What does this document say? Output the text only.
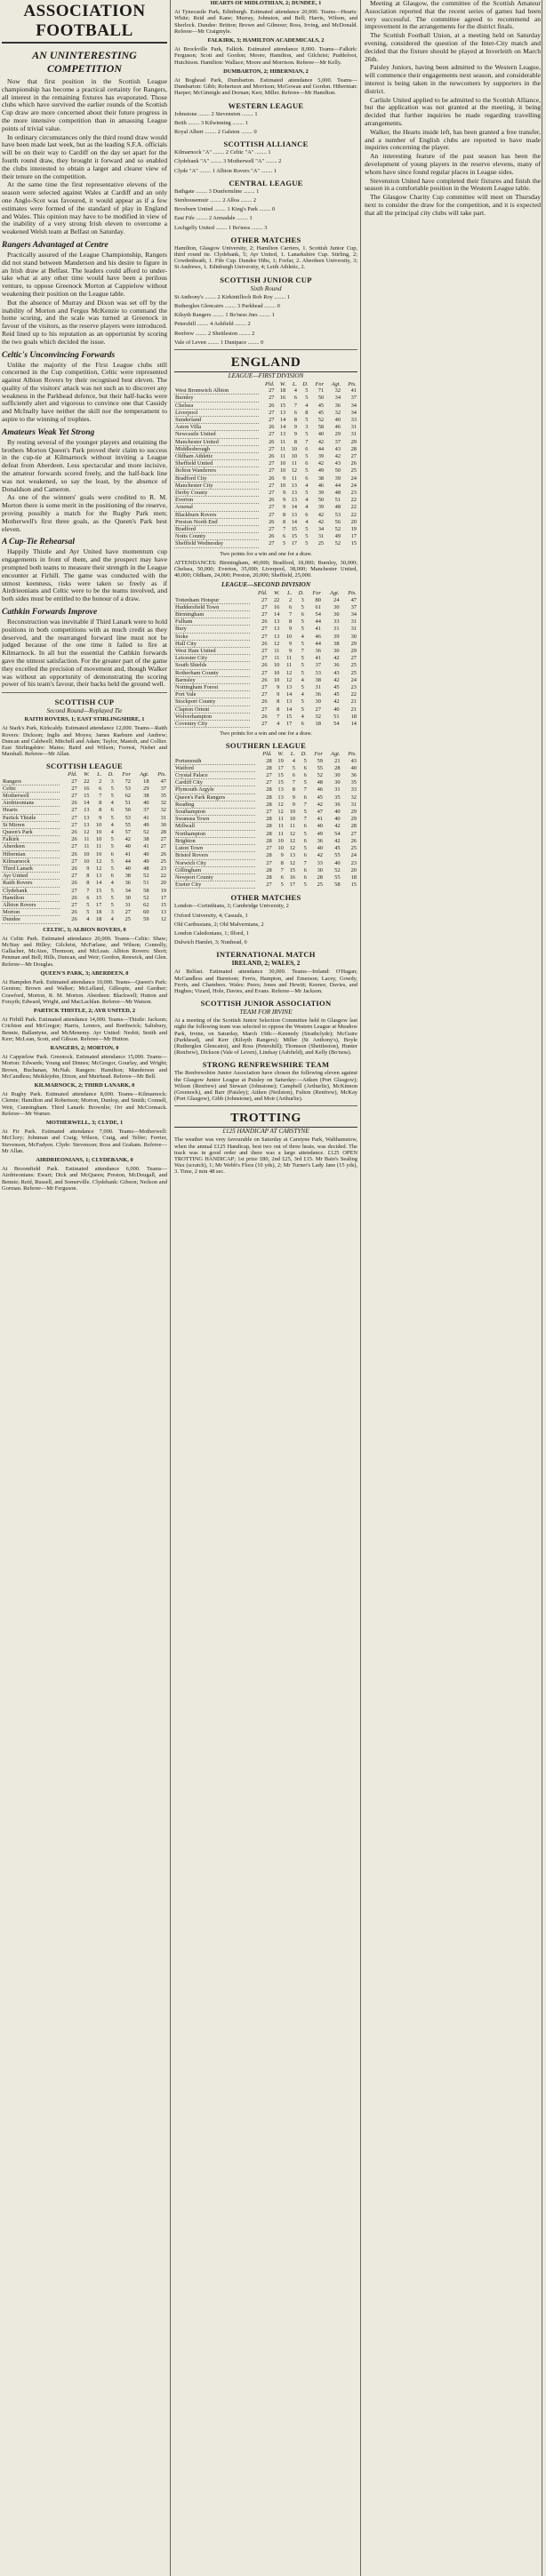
ASSOCIATION FOOTBALL
AN UNINTERESTING COMPETITION

Now that first position in the Scottish League championship has become a practical certainty for Rangers, all interest in the remaining fixtures has evaporated. Those clubs which have survived the earlier rounds of the Scottish Cup draw are more concerned about their future progress in the more intensive competition than in amassing League points of trivial value.

In ordinary circumstances only the third round draw would have been made last week, but as the leading S.F.A. officials will be on their way to Cardiff on the day set apart for the fourth round draw, they brought it forward and so enabled the clubs interested to obtain a larger and clearer view of their tenure on the competition.

At the same time the first representative elevens of the season were selected against Wales at Cardiff and an only one Anglo-Scot was favoured, it would appear as if a few estimates were formed of the standard of play in England and Wales. This opinion may have to be modified in view of the inability of a very strong Irish eleven to overcome a weakened Welsh team at Belfast on Saturday.

Rangers Advantaged at Centre

Practically assured of the League Championship, Rangers did not stand between Manderson and his desire to figure in an Irish draw at Belfast. The leaders could afford to under-take what at any other time would have been a perilous venture, to oppose Greenock Morton at Cappielow without weakening their position on the League table.

But the absence of Murray and Dixon was set off by the inability of Morton and Fergus McKenzie to command the home scoring, and the scale was turned at Greenock in favour of the visitors, as the reserve players were introduced. Reid lined up to his reputation as an opportunist by scoring the two goals which decided the issue.

Celtic's Unconvincing Forwards

Unlike the majority of the First League clubs still concerned in the Cup competition, Celtic were represented against Albion Rovers by their recognised best eleven. The quality of the visitors' attack was not such as to discover any weakness in the Parkhead defence, but their half-backs were sufficiently alert and vigorous to convince one that Cassidy and McInally have neither the skill nor the temperament to aspire to the winning of trophies.

Amateurs Weak Yet Strong

By resting several of the younger players and retaining the brothers Morton Queen's Park proved their claim to success in the cup-tie at Kilmarnock without inviting a League defeat from Aberdeen. Less spectacular and more incisive, the amateur forwards scored freely, and the half-back line was not weakened, so say the least, by the absence of Donaldson and Cameron.

As one of the winners' goals were credited to R. M. Morton there is some merit in the positioning of the reserve, proving possibly a match for the Rugby Park men; Motherwell's first three goals, as the Queen's Park best eleven.

A Cup-Tie Rehearsal

Happily Thistle and Ayr United have momentum cup engagements in front of them, and the prospect may have prompted both teams to measure their strength in the League encounter at Firhill. The game was conducted with the utmost keenness, risks were taken so freely as if Airdrieonians and Celtic were to be the teams involved, and both sides must be entitled to the honour of a draw.

Cathkin Forwards Improve

Reconstruction was inevitable if Third Lanark were to hold positions in both competitions with as much credit as they deserved, and the rearranged forward line must not be judged because of the one time it failed to fire at Kilmarnock. In all but the essential the Cathkin forwards gave the utmost satisfaction. For the greater part of the game they excelled the precision of movement and, though Walker was without an opportunity of demonstrating the scoring power of his team's favour, their backs held the ground well.

SCOTTISH CUP
Second Round—Replayed Tie

RAITH ROVERS, 1; EAST STIRLINGSHIRE, 1

At Stark's Park, Kirkcaldy. Estimated attendance 12,000. Teams—Raith Rovers: Dickson; Inglis and Moyes; James Raeburn and Andrew; Duncan and Caldwell; Mitchell and Adam; Taylor, Mastoh, and Collier. East Stirlingshire: Mains; Baird and Wilson; Forrest, Nisbet and Marshall. Referee—Mr Allan.

SCOTTISH LEAGUE
	Pld.	W.	L.	D.	For	Agt.	Pts.
Rangers	27	22	2	3	72	18	47
Celtic	27	16	6	5	53	29	37
Motherwell	27	15	7	5	62	38	35
Airdrieonians	26	14	8	4	51	40	32
Hearts	27	13	8	6	50	37	32
Partick Thistle	27	13	9	5	53	41	31
St Mirren	27	13	10	4	55	49	30
Queen's Park	26	12	10	4	57	52	28
Falkirk	26	11	10	5	42	38	27
Aberdeen	27	11	11	5	40	41	27
Hibernian	26	10	10	6	41	40	26
Kilmarnock	27	10	12	5	44	49	25
Third Lanark	26	9	12	5	40	48	23
Ayr United	27	8	13	6	38	52	22
Raith Rovers	26	8	14	4	36	51	20
Clydebank	27	7	15	5	34	58	19
Hamilton	26	6	15	5	30	52	17
Albion Rovers	27	5	17	5	31	62	15
Morton	26	5	18	3	27	60	13
Dundee	26	4	18	4	25	59	12

CELTIC, 3; ALBION ROVERS, 0

At Celtic Park. Estimated attendance 20,000. Teams—Celtic: Shaw; McStay and Hilley; Gilchrist, McFarlane, and Wilson; Connolly, Gallacher, McAtee, Thomson, and McLean. Albion Rovers: Short; Penman and Bell; Hills, Duncan, and Weir; Gordon, Renwick, and Glen. Referee—Mr Douglas.

QUEEN'S PARK, 3; ABERDEEN, 0

At Hampden Park. Estimated attendance 10,000. Teams—Queen's Park: Gerston; Brown and Walker; McLelland, Gillespie, and Gardner; Crawford, Morton, R. M. Morton. Aberdeen: Blackwell; Hutton and Forsyth; Edward, Wright, and MacLachlan. Referee—Mr Watson.

PARTICK THISTLE, 2; AYR UNITED, 2

At Firhill Park. Estimated attendance 14,000. Teams—Thistle: Jackson; Crichton and McGregor; Harris, Lennox, and Borthwick; Salisbury, Bennie, Ballantyne, and McMenemy. Ayr United: Nesbit; Smith and Kerr; McLean, Scott, and Gibson. Referee—Mr Hutton.

RANGERS, 2; MORTON, 0

At Cappielow Park. Greenock. Estimated attendance 15,000. Teams—Morton: Edwards; Young and Dinnes; McGregor, Gourlay, and Wright; Brown, Buchanan, McNab. Rangers: Hamilton; Manderson and McCandless; Meiklejohn, Dixon, and Muirhead. Referee—Mr Bell.

KILMARNOCK, 2; THIRD LANARK, 0

At Rugby Park. Estimated attendance 8,000. Teams—Kilmarnock: Clemie; Hamilton and Robertson; Morton, Dunlop, and Smith; Connell, Weir, Cunningham. Third Lanark: Brownlie; Orr and McCormack. Referee—Mr Warner.

MOTHERWELL, 3; CLYDE, 1

At Fir Park. Estimated attendance 7,000. Teams—Motherwell: McClory; Johnman and Craig; Wilson, Craig, and Telfer; Ferrier, Stevenson, McFadyen. Clyde: Stevenson; Ross and Graham. Referee—Mr Allan.

AIRDRIEONIANS, 1; CLYDEBANK, 0

At Broomfield Park. Estimated attendance 6,000. Teams—Airdrieonians: Ewart; Dick and McQueen; Preston, McDougall, and Bennie; Reid, Russell, and Somerville. Clydebank: Gibson; Neilson and Gorman. Referee—Mr Ferguson.

HEARTS OF MIDLOTHIAN, 2; DUNDEE, 1

At Tynecastle Park, Edinburgh. Estimated attendance 20,000. Teams—Hearts: White; Reid and Kane; Murray, Johnston, and Bell; Harris, Wilson, and Sherlock. Dundee: Britton; Brown and Gilmour; Ross, Irving, and McDonald. Referee—Mr Craigmyle.

FALKIRK, 3; HAMILTON ACADEMICALS, 2

At Brockville Park, Falkirk. Estimated attendance 8,000. Teams—Falkirk: Ferguson; Scott and Gordon; Moore, Hamilton, and Gilchrist; Puddefoot, Hutchison. Hamilton: Wallace; Moore and Morrison. Referee—Mr Kelly.

DUMBARTON, 2; HIBERNIAN, 2

At Boghead Park, Dumbarton. Estimated attendance 5,000. Teams—Dumbarton: Gibb; Robertson and Morrison; McGowan and Gordon. Hibernian: Harper; McGinnigle and Dornan; Kerr, Miller. Referee—Mr Hamilton.

WESTERN LEAGUE

Johnstone ........ 2 Stevenston ........ 1

Beith ........ 3 Kilwinning ........ 1

Royal Albert ........ 2 Galston ........ 0

SCOTTISH ALLIANCE

Kilmarnock "A" ........ 2 Celtic "A" ........ 1

Clydebank "A" ........ 3 Motherwell "A" ........ 2

Clyde "A" ........ 1 Albion Rovers "A" ........ 1

CENTRAL LEAGUE

Bathgate ........ 3 Dunfermline ........ 1

Stenhousemuir ........ 2 Alloa ........ 2

Broxburn United ........ 1 King's Park ........ 0

East Fife ........ 2 Armadale ........ 1

Lochgelly United ........ 1 Bo'ness ........ 3

OTHER MATCHES

Hamilton, Glasgow University, 2; Hamilton Carriers, 1. Scottish Junior Cup, third round tie. Clydebank, 5; Ayr United, 1. Lanarkshire Cup. Stirling, 2; Cowdenbeath, 1. Fife Cup. Dundee Hibs, 1; Forfar, 2. Aberdeen University, 3; St Andrews, 1. Edinburgh University, 4; Leith Athletic, 2.

SCOTTISH JUNIOR CUP
Sixth Round

St Anthony's ........ 2 Kirkintilloch Rob Roy ........ 1

Rutherglen Glencairn ........ 3 Parkhead ........ 0

Kilsyth Rangers ........ 1 Bo'ness Jnrs ........ 1

Petershill ........ 4 Ashfield ........ 2

Renfrew ........ 2 Shettleston ........ 2

Vale of Leven ........ 1 Dunipace ........ 0

ENGLAND
LEAGUE—FIRST DIVISION
	Pld.	W.	L.	D.	For	Agt.	Pts.
West Bromwich Albion	27	18	4	5	71	32	41
Burnley	27	16	6	5	50	34	37
Chelsea	26	15	7	4	45	36	34
Liverpool	27	13	6	8	45	32	34
Sunderland	27	14	8	5	52	40	33
Aston Villa	26	14	9	3	58	46	31
Newcastle United	27	13	9	5	40	29	31
Manchester United	26	11	8	7	42	37	29
Middlesbrough	27	11	10	6	44	43	28
Oldham Athletic	26	11	10	5	39	42	27
Sheffield United	27	10	11	6	42	43	26
Bolton Wanderers	27	10	12	5	49	50	25
Bradford City	26	9	11	6	38	39	24
Manchester City	27	10	13	4	46	44	24
Derby County	27	9	13	5	39	48	23
Everton	26	9	13	4	50	51	22
Arsenal	27	9	14	4	39	48	22
Blackburn Rovers	27	8	13	6	42	53	22
Preston North End	26	8	14	4	42	56	20
Bradford	27	7	15	5	34	52	19
Notts County	26	6	15	5	31	49	17
Sheffield Wednesday	27	5	17	5	25	52	15

Two points for a win and one for a draw.

ATTENDANCES: Birmingham, 40,000; Bradford, 18,000; Burnley, 30,000; Chelsea, 50,000; Everton, 35,000; Liverpool, 38,000; Manchester United, 40,000; Oldham, 24,000; Preston, 20,000; Sheffield, 25,000.

LEAGUE—SECOND DIVISION
	Pld.	W.	L.	D.	For	Agt.	Pts.
Tottenham Hotspur	27	22	2	3	80	24	47
Huddersfield Town	27	16	6	5	61	30	37
Birmingham	27	14	7	6	54	30	34
Fulham	26	13	8	5	44	33	31
Bury	27	13	9	5	41	31	31
Stoke	27	13	10	4	46	39	30
Hull City	26	12	9	5	44	38	29
West Ham United	27	11	9	7	36	30	29
Leicester City	27	11	11	5	41	42	27
South Shields	26	10	11	5	37	36	25
Rotherham County	27	10	12	5	33	43	25
Barnsley	26	10	12	4	38	42	24
Nottingham Forest	27	9	13	5	31	45	23
Port Vale	27	9	14	4	36	45	22
Stockport County	26	8	13	5	30	42	21
Clapton Orient	27	8	14	5	27	40	21
Wolverhampton	26	7	15	4	32	51	18
Coventry City	27	4	17	6	18	54	14

Two points for a win and one for a draw.

SOUTHERN LEAGUE
	Pld.	W.	L.	D.	For	Agt.	Pts.
Portsmouth	28	19	4	5	59	21	43
Watford	28	17	5	6	55	28	40
Crystal Palace	27	15	6	6	52	30	36
Cardiff City	27	15	7	5	48	30	35
Plymouth Argyle	28	13	8	7	46	31	33
Queen's Park Rangers	28	13	9	6	45	35	32
Reading	28	12	9	7	42	36	31
Southampton	27	12	10	5	47	40	29
Swansea Town	28	11	10	7	41	40	29
Millwall	28	11	11	6	40	42	28
Northampton	28	11	12	5	49	54	27
Brighton	28	10	12	6	36	42	26
Luton Town	27	10	12	5	40	45	25
Bristol Rovers	28	9	13	6	42	55	24
Norwich City	27	8	12	7	33	40	23
Gillingham	28	7	15	6	30	52	20
Newport County	28	6	16	6	28	55	18
Exeter City	27	5	17	5	25	58	15
OTHER MATCHES

London—Corinthians, 3; Cambridge University, 2

Oxford University, 4; Casuals, 1

Old Carthusians, 2; Old Malvernians, 2

London Caledonians, 1; Ilford, 1

Dulwich Hamlet, 3; Nunhead, 0

INTERNATIONAL MATCH
IRELAND, 2; WALES, 2

At Belfast. Estimated attendance 30,000. Teams—Ireland: O'Hagan; McCandless and Burnison; Ferris, Hampton, and Emerson; Lacey, Gowdy, Ferris, and Chambers. Wales: Peers; Jones and Hewitt; Keenor, Davies, and Hughes; Vizard, Hole, Davies, and Evans. Referee—Mr Jackson.

SCOTTISH JUNIOR ASSOCIATION
TEAM FOR IRVINE

At a meeting of the Scottish Junior Selection Committee held in Glasgow last night the following team was selected to oppose the Western League at Meadow Park, Irvine, on Saturday, March 19th:—Kennedy (Strathclyde); McGuire (Parkhead), and Kerr (Kilsyth Rangers); Miller (St Anthony's), Boyle (Rutherglen Glencairn), and Ross (Petershill); Thomson (Shettleston), Hunter (Renfrew), Dickson (Vale of Leven), Lindsay (Ashfield), and Kelly (Bo'ness).

STRONG RENFREWSHIRE TEAM

The Renfrewshire Junior Association have chosen the following eleven against the Glasgow Junior League at Paisley on Saturday:—Aitken (Port Glasgow); Wilson (Renfrew) and Stewart (Johnstone); Campbell (Arthurlie), McKinnon (Greenock), and Barr (Paisley); Aitken (Neilston), Fulton (Renfrew), McKay (Port Glasgow), Gibb (Johnstone), and Moir (Arthurlie).

TROTTING
£125 HANDICAP AT CARSTYNE

The weather was very favourable on Saturday at Carstyne Park, Walthamstow, when the annual £125 Handicap, best two out of three heats, was decided. The track was in good order and there was a large attendance. £125 OPEN TROTTING HANDICAP; 1st prize £80, 2nd £25, 3rd £15. Mr Bain's Sealing Wax (scratch), 1; Mr Webb's Flora (10 yds), 2; Mr Turner's Lady Jane (15 yds), 3. Time, 2 min 48 sec.

Meeting at Glasgow, the committee of the Scottish Amateur Association reported that the recent series of games had been very successful. The committee agreed to recommend an improvement in the arrangements for the district finals.

The Scottish Football Union, at a meeting held on Saturday evening, considered the question of the Inter-City match and decided that the fixture should be played at Inverleith on March 26th.

Paisley Juniors, having been admitted to the Western League, will commence their engagements next season, and considerable interest is being taken in the newcomers by supporters in the district.

Carlisle United applied to be admitted to the Scottish Alliance, but the application was not granted at the meeting, it being decided that further inquiries be made regarding travelling arrangements.

Walker, the Hearts inside left, has been granted a free transfer, and a number of English clubs are reported to have made inquiries concerning the player.

An interesting feature of the past season has been the development of young players in the reserve elevens, many of whom have since found regular places in League sides.

Stevenston United have completed their fixtures and finish the season in a comfortable position in the Western League table.

The Glasgow Charity Cup committee will meet on Thursday next to consider the draw for the competition, and it is expected that all the principal city clubs will take part.
